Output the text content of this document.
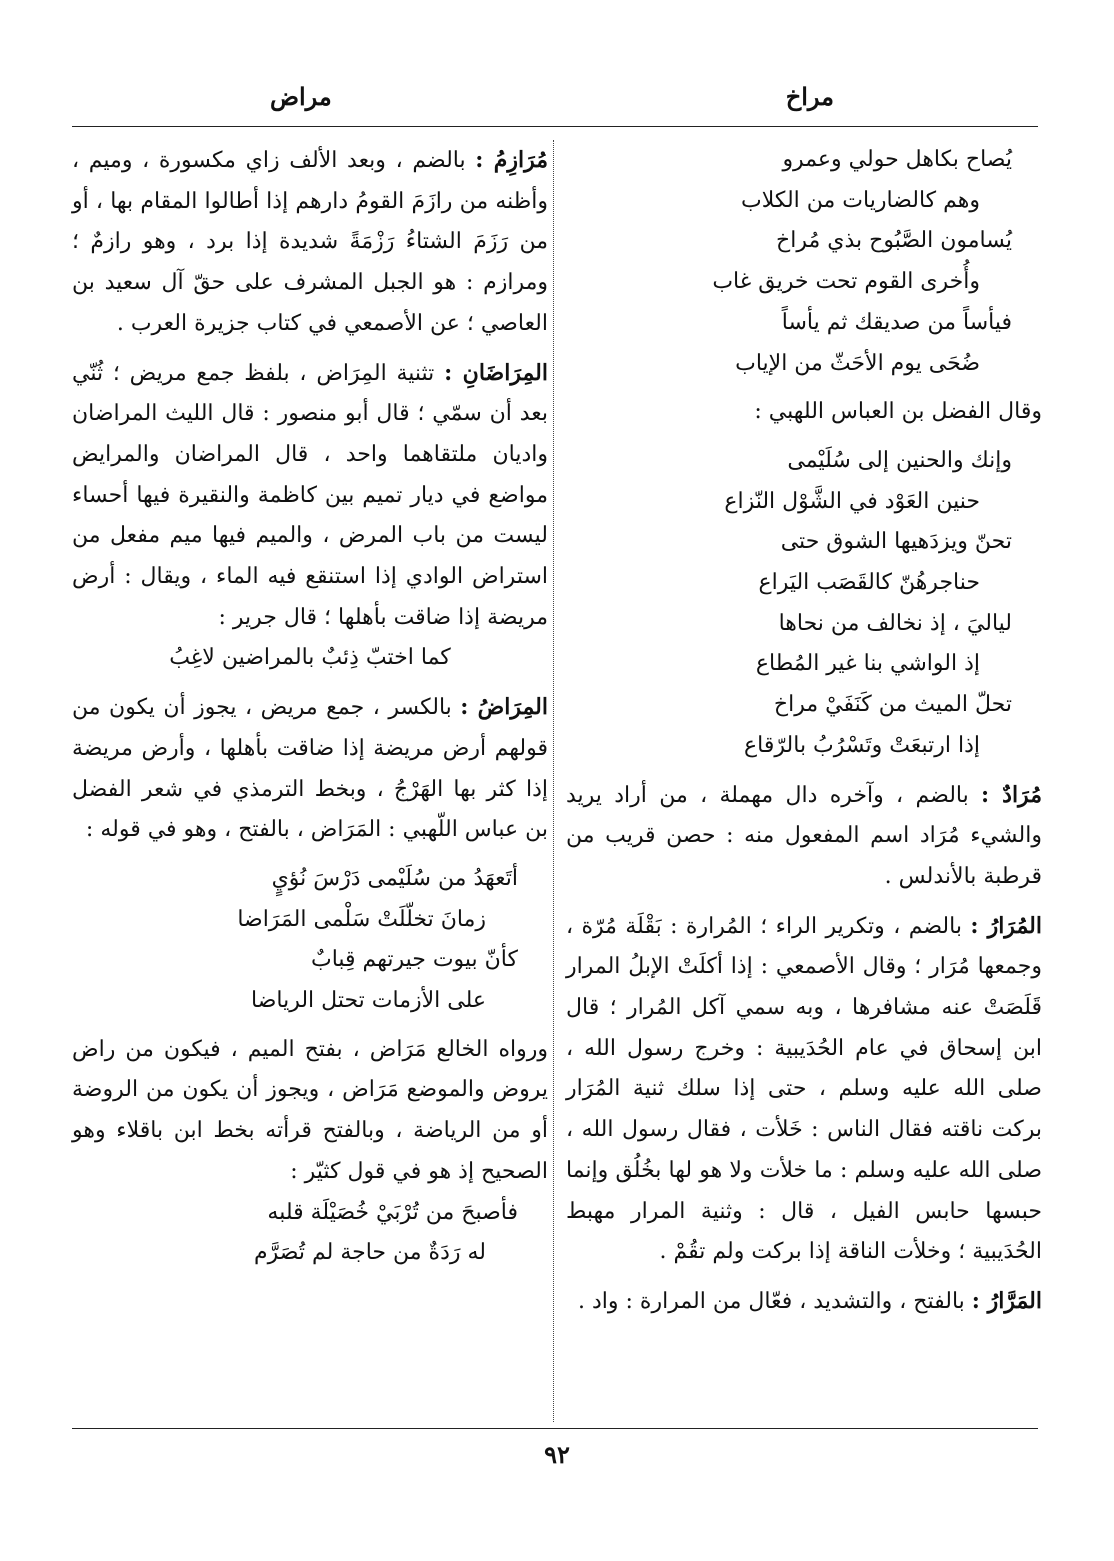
مراخ
مراض
يُصاح بكاهل حولي وعمرو
وهم كالضاريات من الكلاب
يُسامون الصَّبُوح بذي مُراخ
وأُخرى القوم تحت خريق غاب
فيأساً من صديقك ثم يأساً
ضُحَى يوم الأحَثّ من الإياب
وقال الفضل بن العباس اللهبي :
وإنك والحنين إلى سُلَيْمى
حنين العَوْد في الشَّوْل النّزاع
تحنّ ويزدَهيها الشوق حتى
حناجرهُنّ كالقَصَب اليَراع
لياليَ ، إذ نخالف من نحاها
إذ الواشي بنا غير المُطاع
تحلّ الميث من كَنَفَيْ مراخ
إذا ارتبعَتْ وتَسْرُبُ بالرّقاع
مُرَادٌ : بالضم ، وآخره دال مهملة ، من أراد يريد والشيء مُرَاد اسم المفعول منه : حصن قريب من قرطبة بالأندلس .
المُرَارُ : بالضم ، وتكرير الراء ؛ المُرارة : بَقْلَة مُرّة ، وجمعها مُرَار ؛ وقال الأصمعي : إذا أكلَتْ الإبلُ المرار قَلَصَتْ عنه مشافرها ، وبه سمي آكل المُرار ؛ قال ابن إسحاق في عام الحُدَيبية : وخرج رسول الله ، صلى الله عليه وسلم ، حتى إذا سلك ثنية المُرَار بركت ناقته فقال الناس : خَلأت ، فقال رسول الله ، صلى الله عليه وسلم : ما خلأت ولا هو لها بخُلُق وإنما حبسها حابس الفيل ، قال : وثنية المرار مهبط الحُدَيبية ؛ وخلأت الناقة إذا بركت ولم تقُمْ .
المَرَّارُ : بالفتح ، والتشديد ، فعّال من المرارة : واد .
مُرَازِمُ : بالضم ، وبعد الألف زاي مكسورة ، وميم ، وأظنه من رازَمَ القومُ دارهم إذا أطالوا المقام بها ، أو من رَزَمَ الشتاءُ رَزْمَةً شديدة إذا برد ، وهو رازمٌ ؛ ومرازم : هو الجبل المشرف على حقّ آل سعيد بن العاصي ؛ عن الأصمعي في كتاب جزيرة العرب .
المِرَاضَانِ : تثنية المِرَاض ، بلفظ جمع مريض ؛ ثُنّي بعد أن سمّي ؛ قال أبو منصور : قال الليث المراضان واديان ملتقاهما واحد ، قال المراضان والمرايض مواضع في ديار تميم بين كاظمة والنقيرة فيها أحساء ليست من باب المرض ، والميم فيها ميم مفعل من استراض الوادي إذا استنقع فيه الماء ، ويقال : أرض مريضة إذا ضاقت بأهلها ؛ قال جرير :
كما اختبّ ذِئبٌ بالمراضين لاغِبُ
المِرَاضُ : بالكسر ، جمع مريض ، يجوز أن يكون من قولهم أرض مريضة إذا ضاقت بأهلها ، وأرض مريضة إذا كثر بها الهَرْجُ ، وبخط الترمذي في شعر الفضل بن عباس اللّهبي : المَرَاض ، بالفتح ، وهو في قوله :
أتَعهَدُ من سُلَيْمى دَرْسَ نُؤيٍ
زمانَ تخلّلَتْ سَلْمى المَرَاضا
كأنّ بيوت جيرتهم قِبابٌ
على الأزمات تحتل الرياضا
ورواه الخالع مَرَاض ، بفتح الميم ، فيكون من راض يروض والموضع مَرَاض ، ويجوز أن يكون من الروضة أو من الرياضة ، وبالفتح قرأته بخط ابن باقلاء وهو الصحيح إذ هو في قول كثيّر :
فأصبحَ من تُرْبَيْ خُصَيْلَة قلبه
له رَدَةٌ من حاجة لم تُصَرَّم
٩٢
